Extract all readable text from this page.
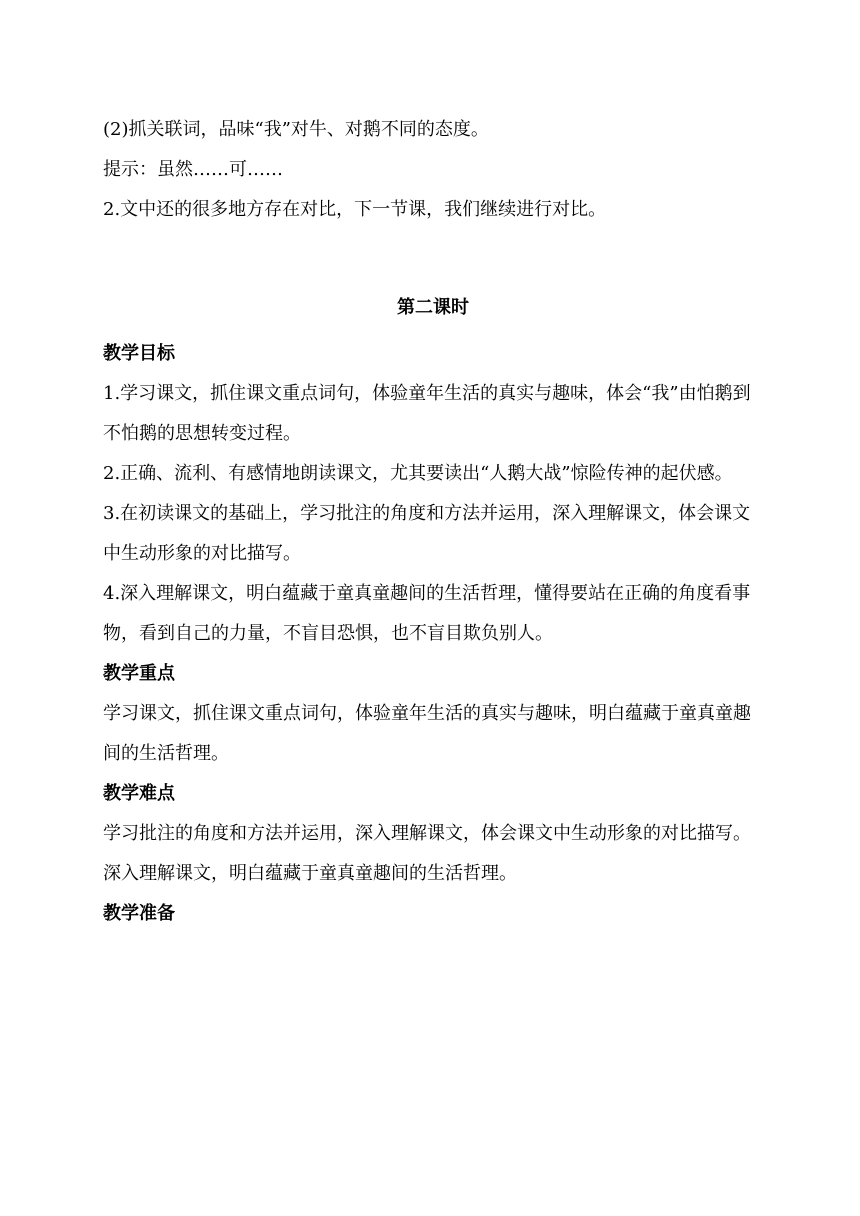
(2)抓关联词，品味“我”对牛、对鹅不同的态度。

提示：虽然……可……

2.文中还的很多地方存在对比，下一节课，我们继续进行对比。

第二课时

教学目标

1.学习课文，抓住课文重点词句，体验童年生活的真实与趣味，体会“我”由怕鹅到不怕鹅的思想转变过程。

2.正确、流利、有感情地朗读课文，尤其要读出“人鹅大战”惊险传神的起伏感。

3.在初读课文的基础上，学习批注的角度和方法并运用，深入理解课文，体会课文中生动形象的对比描写。

4.深入理解课文，明白蕴藏于童真童趣间的生活哲理，懂得要站在正确的角度看事物，看到自己的力量，不盲目恐惧，也不盲目欺负别人。

教学重点

学习课文，抓住课文重点词句，体验童年生活的真实与趣味，明白蕴藏于童真童趣间的生活哲理。

教学难点

学习批注的角度和方法并运用，深入理解课文，体会课文中生动形象的对比描写。

深入理解课文，明白蕴藏于童真童趣间的生活哲理。

教学准备
